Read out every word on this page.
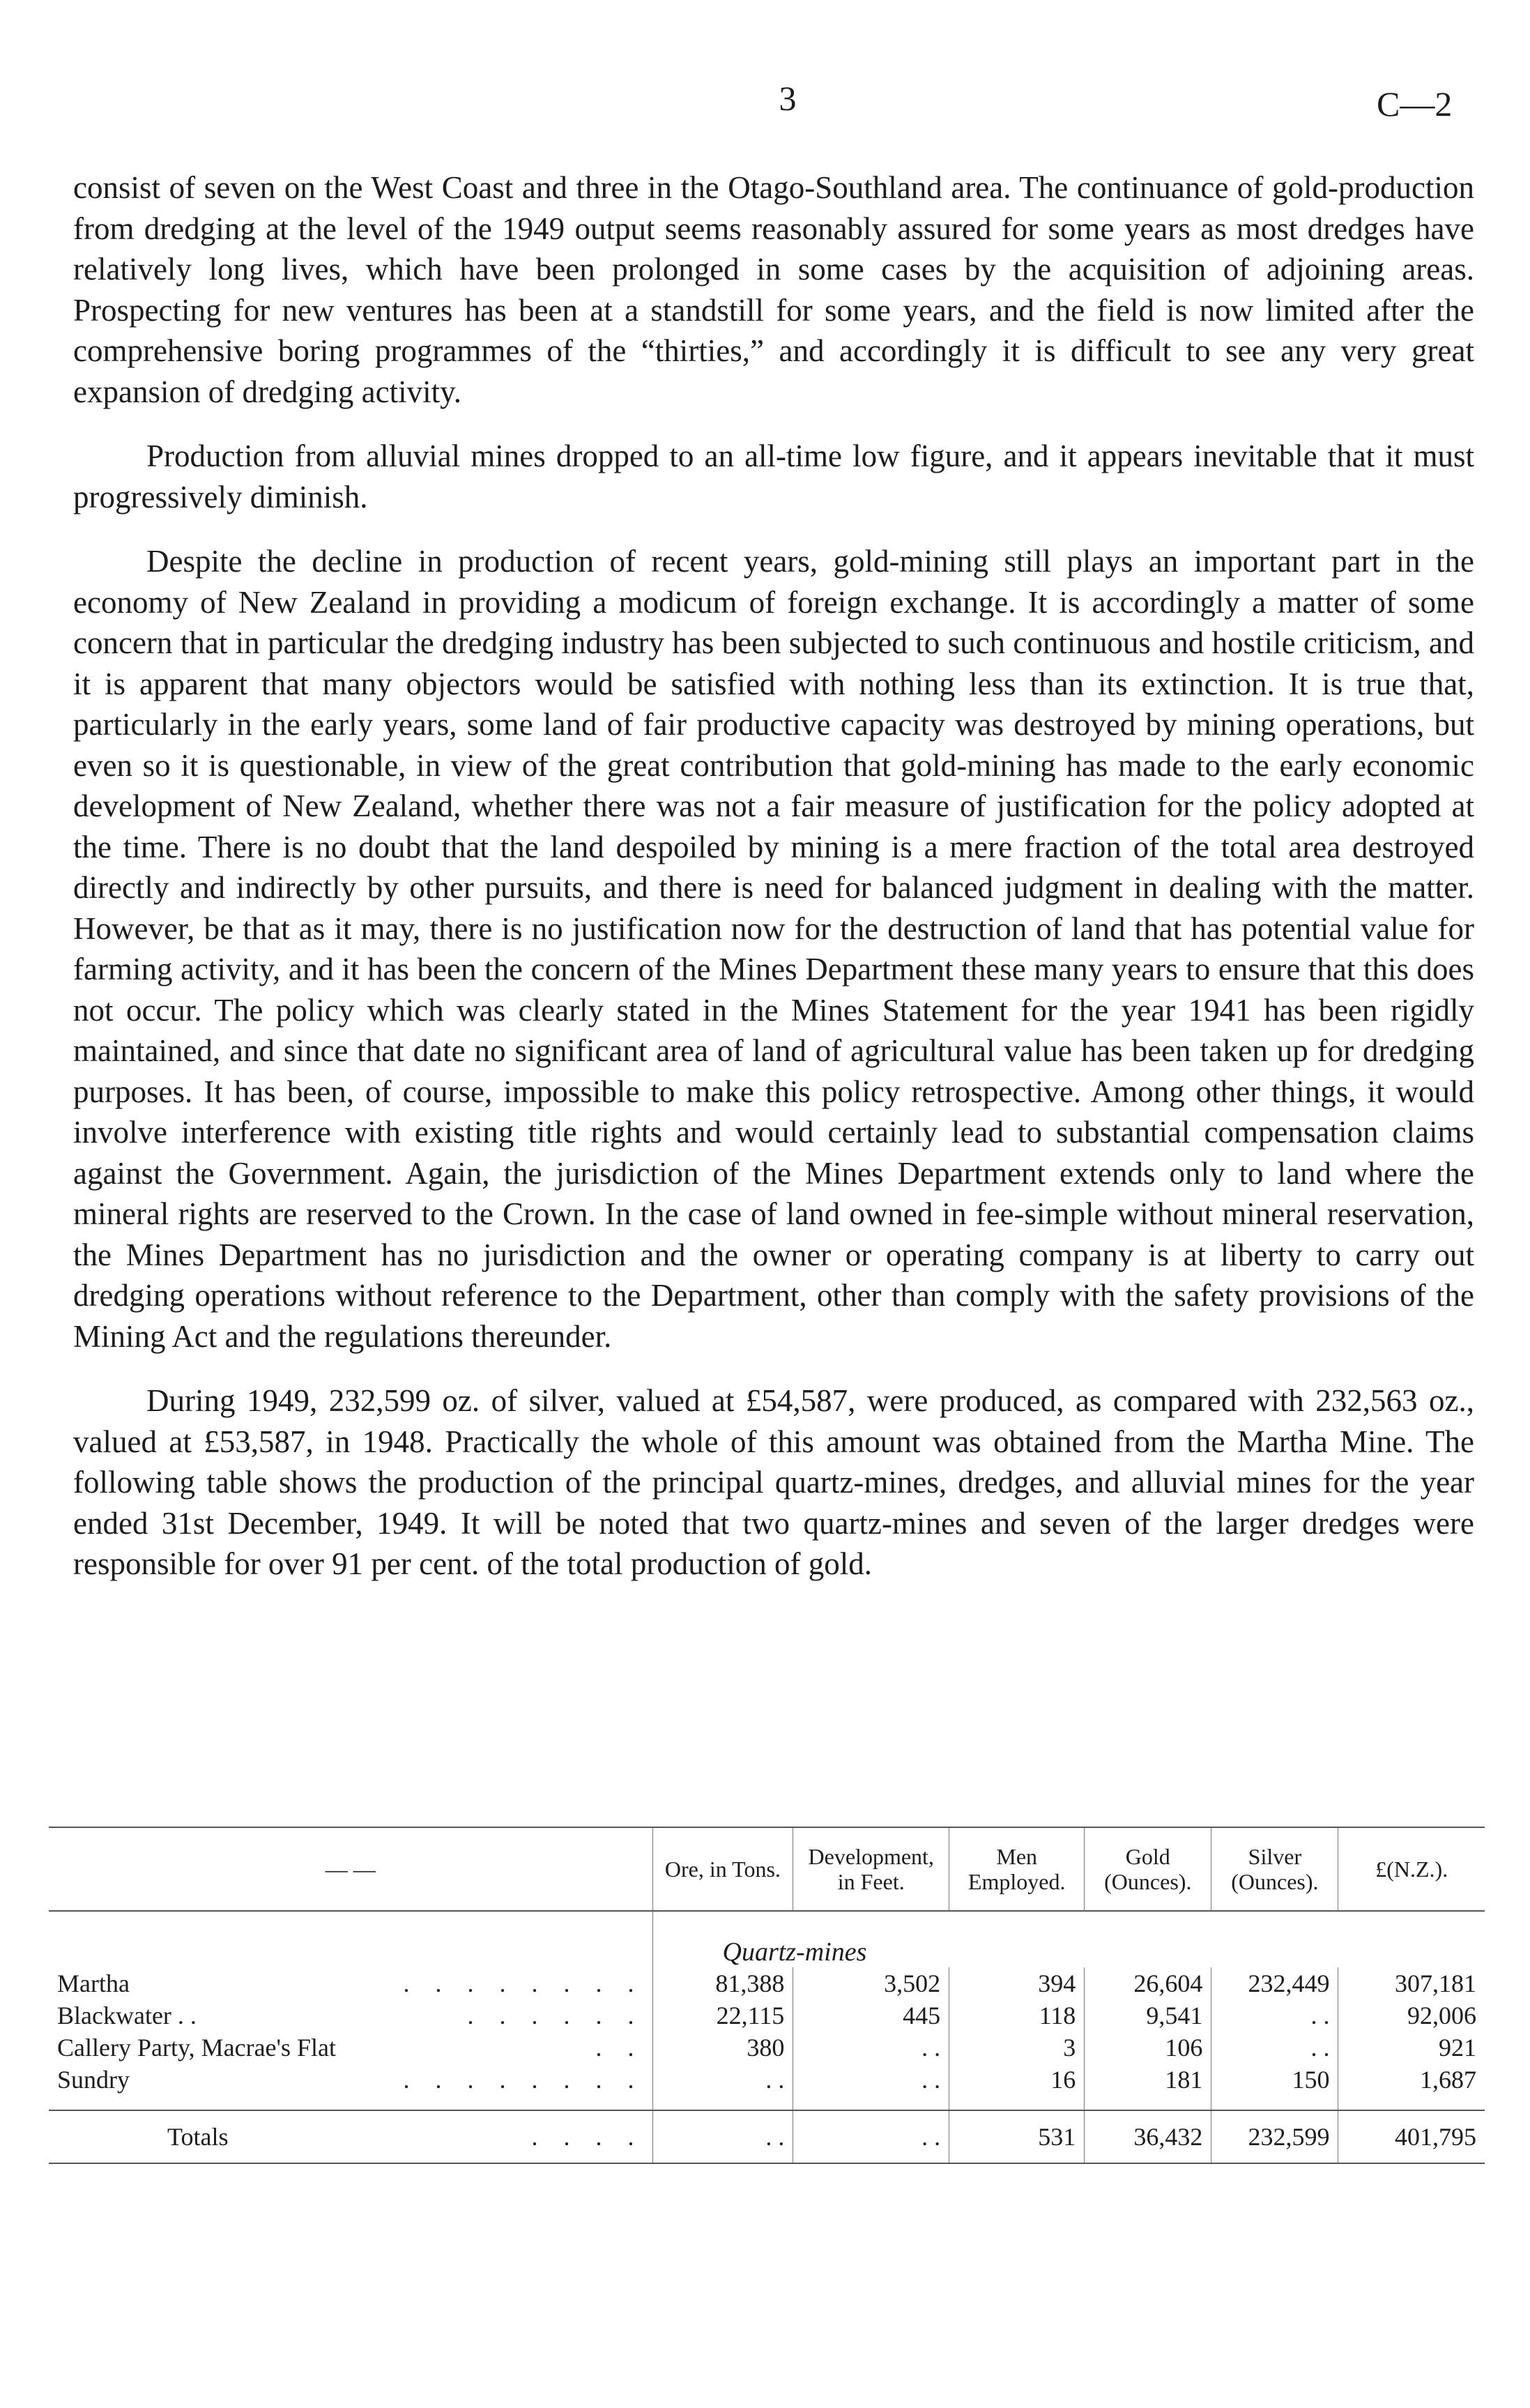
3	C—2

consist of seven on the West Coast and three in the Otago-Southland area. The continuance of gold-production from dredging at the level of the 1949 output seems reasonably assured for some years as most dredges have relatively long lives, which have been prolonged in some cases by the acquisition of adjoining areas. Prospecting for new ventures has been at a standstill for some years, and the field is now limited after the comprehensive boring programmes of the “thirties,” and accordingly it is difficult to see any very great expansion of dredging activity.

Production from alluvial mines dropped to an all-time low figure, and it appears inevitable that it must progressively diminish.

Despite the decline in production of recent years, gold-mining still plays an important part in the economy of New Zealand in providing a modicum of foreign exchange. It is accordingly a matter of some concern that in particular the dredging industry has been subjected to such continuous and hostile criticism, and it is apparent that many objectors would be satisfied with nothing less than its extinction. It is true that, particularly in the early years, some land of fair productive capacity was destroyed by mining operations, but even so it is questionable, in view of the great contribution that gold-mining has made to the early economic development of New Zealand, whether there was not a fair measure of justification for the policy adopted at the time. There is no doubt that the land despoiled by mining is a mere fraction of the total area destroyed directly and indirectly by other pursuits, and there is need for balanced judgment in dealing with the matter. However, be that as it may, there is no justification now for the destruction of land that has potential value for farming activity, and it has been the concern of the Mines Department these many years to ensure that this does not occur. The policy which was clearly stated in the Mines Statement for the year 1941 has been rigidly maintained, and since that date no significant area of land of agricultural value has been taken up for dredging purposes. It has been, of course, impossible to make this policy retrospective. Among other things, it would involve interference with existing title rights and would certainly lead to substantial compensation claims against the Government. Again, the jurisdiction of the Mines Department extends only to land where the mineral rights are reserved to the Crown. In the case of land owned in fee-simple without mineral reservation, the Mines Department has no jurisdiction and the owner or operating company is at liberty to carry out dredging operations without reference to the Department, other than comply with the safety provisions of the Mining Act and the regulations thereunder.

During 1949, 232,599 oz. of silver, valued at £54,587, were produced, as compared with 232,563 oz., valued at £53,587, in 1948. Practically the whole of this amount was obtained from the Martha Mine. The following table shows the production of the principal quartz-mines, dredges, and alluvial mines for the year ended 31st December, 1949. It will be noted that two quartz-mines and seven of the larger dredges were responsible for over 91 per cent. of the total production of gold.

— —		Ore, in Tons.	Development, in Feet.	Men Employed.	Gold (Ounces).	Silver (Ounces).	£(N.Z.).
		Quartz-mines					
Martha	. . . . . . . .	81,388	3,502	394	26,604	232,449	307,181
Blackwater . .	. . . . . .	22,115	445	118	9,541	. .	92,006
Callery Party, Macrae's Flat	. .	380	. .	3	106	. .	921
Sundry	. . . . . . . .	. .	. .	16	181	150	1,687

Totals	. . . .	. .	. .	531	36,432	232,599	401,795
